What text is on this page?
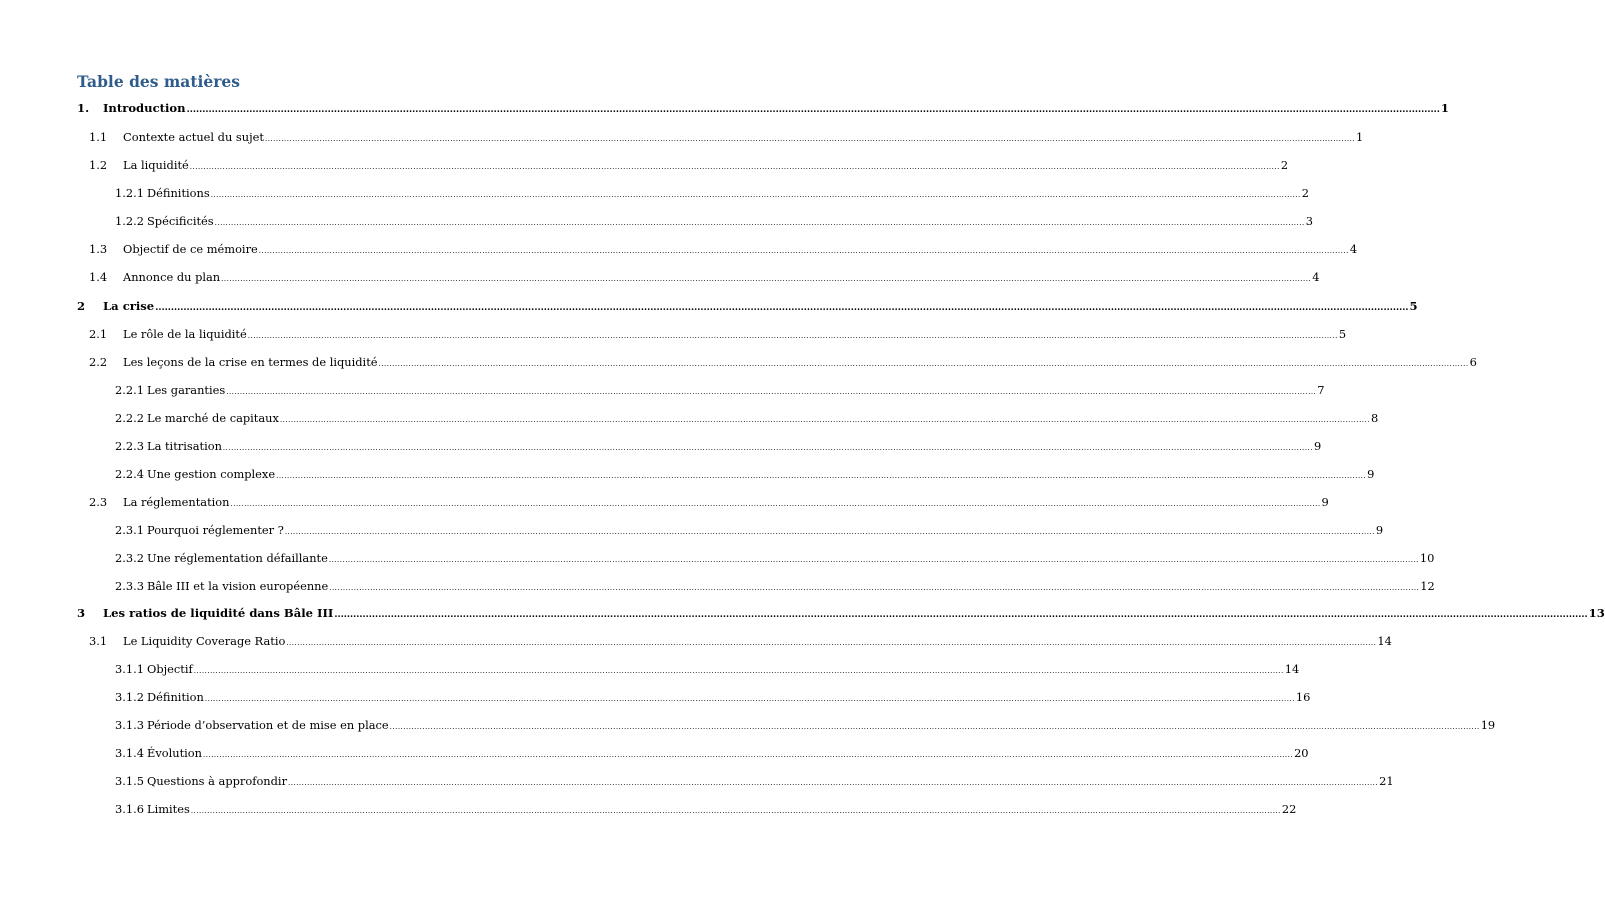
Table des matières
1.	Introduction ................................................................................................................................................................................................................................................................................................................................................................................................................ 1
1.1	Contexte actuel du sujet ................................................................................................................................................................................................................................................................................................................................................................................................................ 1
1.2	La liquidité ................................................................................................................................................................................................................................................................................................................................................................................................................ 2
1.2.1 Définitions ................................................................................................................................................................................................................................................................................................................................................................................................................ 2
1.2.2 Spécificités ................................................................................................................................................................................................................................................................................................................................................................................................................ 3
1.3	Objectif de ce mémoire ................................................................................................................................................................................................................................................................................................................................................................................................................ 4
1.4	Annonce du plan ................................................................................................................................................................................................................................................................................................................................................................................................................ 4
2	La crise ................................................................................................................................................................................................................................................................................................................................................................................................................ 5
2.1	Le rôle de la liquidité ................................................................................................................................................................................................................................................................................................................................................................................................................ 5
2.2	Les leçons de la crise en termes de liquidité ................................................................................................................................................................................................................................................................................................................................................................................................................ 6
2.2.1 Les garanties ................................................................................................................................................................................................................................................................................................................................................................................................................ 7
2.2.2 Le marché de capitaux ................................................................................................................................................................................................................................................................................................................................................................................................................ 8
2.2.3 La titrisation ................................................................................................................................................................................................................................................................................................................................................................................................................ 9
2.2.4 Une gestion complexe ................................................................................................................................................................................................................................................................................................................................................................................................................ 9
2.3	La réglementation ................................................................................................................................................................................................................................................................................................................................................................................................................ 9
2.3.1 Pourquoi réglementer ? ................................................................................................................................................................................................................................................................................................................................................................................................................ 9
2.3.2 Une réglementation défaillante ................................................................................................................................................................................................................................................................................................................................................................................................................ 10
2.3.3 Bâle III et la vision européenne ................................................................................................................................................................................................................................................................................................................................................................................................................ 12
3	Les ratios de liquidité dans Bâle III ................................................................................................................................................................................................................................................................................................................................................................................................................ 13
3.1	Le Liquidity Coverage Ratio ................................................................................................................................................................................................................................................................................................................................................................................................................ 14
3.1.1 Objectif ................................................................................................................................................................................................................................................................................................................................................................................................................ 14
3.1.2 Définition ................................................................................................................................................................................................................................................................................................................................................................................................................ 16
3.1.3 Période d’observation et de mise en place ................................................................................................................................................................................................................................................................................................................................................................................................................ 19
3.1.4 Évolution ................................................................................................................................................................................................................................................................................................................................................................................................................ 20
3.1.5 Questions à approfondir ................................................................................................................................................................................................................................................................................................................................................................................................................ 21
3.1.6 Limites ................................................................................................................................................................................................................................................................................................................................................................................................................ 22
